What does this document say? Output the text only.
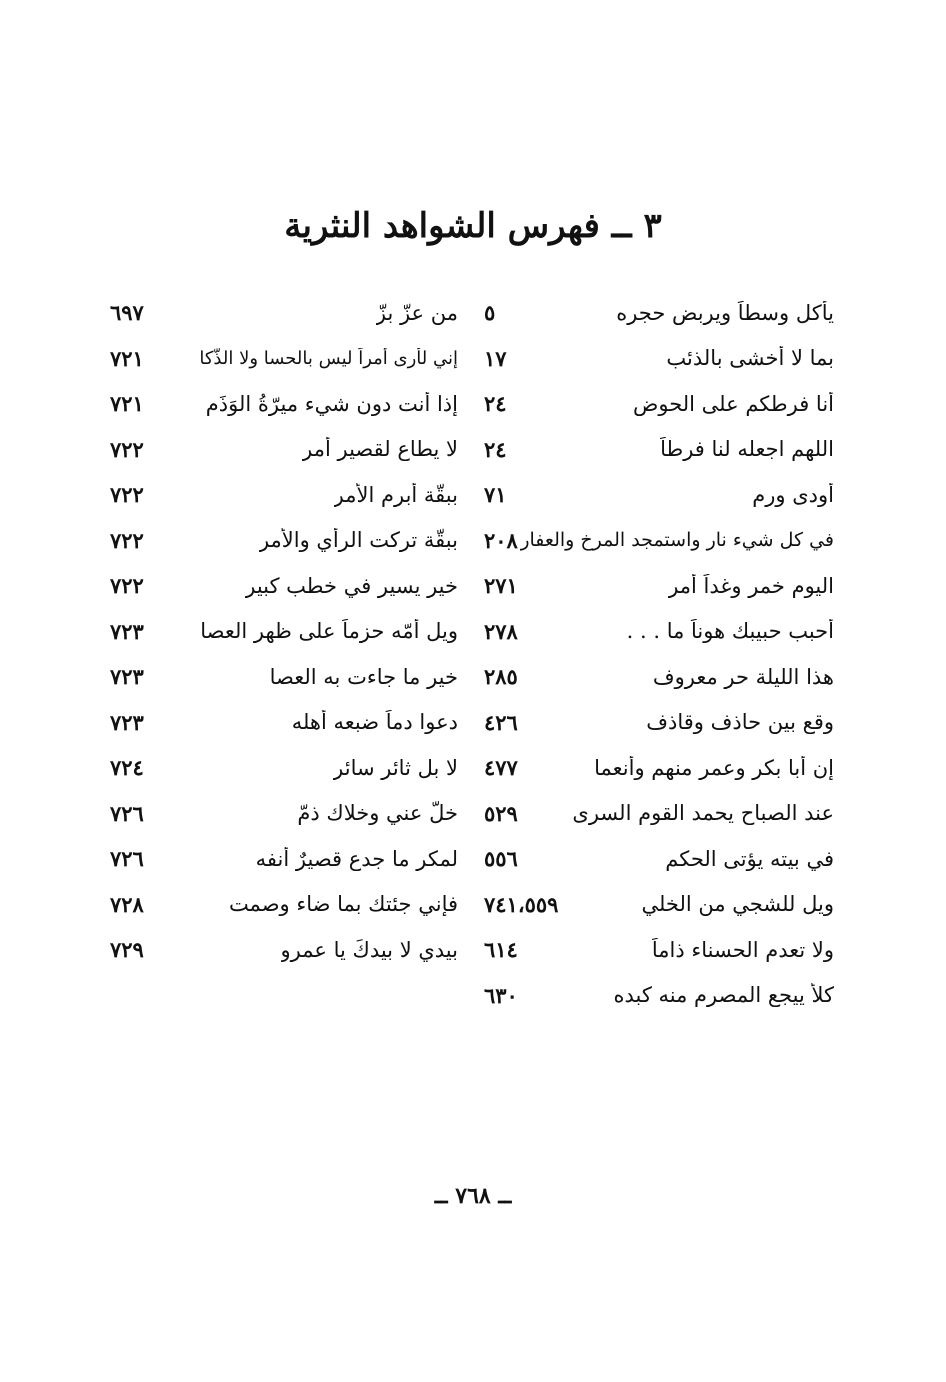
٣ ــ فهرس الشواهد النثرية
يأكل وسطاً ويربض حجره
٥
بما لا أخشى بالذئب
١٧
أنا فرطكم على الحوض
٢٤
اللهم اجعله لنا فرطاً
٢٤
أودى ورم
٧١
في كل شيء نار واستمجد المرخ والعفار
٢٠٨
اليوم خمر وغداً أمر
٢٧١
أحبب حبيبك هوناً ما . . .
٢٧٨
هذا الليلة حر معروف
٢٨٥
وقع بين حاذف وقاذف
٤٢٦
إن أبا بكر وعمر منهم وأنعما
٤٧٧
عند الصباح يحمد القوم السرى
٥٢٩
في بيته يؤتى الحكم
٥٥٦
ويل للشجي من الخلي
٧٤١،٥٥٩
ولا تعدم الحسناء ذاماً
٦١٤
كلأ ييجع المصرم منه كبده
٦٣٠
من عزّ بزّ
٦٩٧
إني لأرى أمراً ليس بالحسا ولا الذّكا
٧٢١
إذا أنت دون شيء ميرّةُ الوَذَمِ
٧٢١
لا يطاع لقصير أمر
٧٢٢
ببقّة أبرم الأمر
٧٢٢
ببقّة تركت الرأي والأمر
٧٢٢
خير يسير في خطب كبير
٧٢٢
ويل أمّه حزماً على ظهر العصا
٧٢٣
خير ما جاءت به العصا
٧٢٣
دعوا دماً ضبعه أهله
٧٢٣
لا بل ثائر سائر
٧٢٤
خلّ عني وخلاك ذمّ
٧٢٦
لمكرٍ ما جدع قصيرٌ أنفه
٧٢٦
فإني جئتك بما ضاء وصمت
٧٢٨
بيدي لا بيدكَ يا عمرو
٧٢٩
ــ ٧٦٨ ــ
